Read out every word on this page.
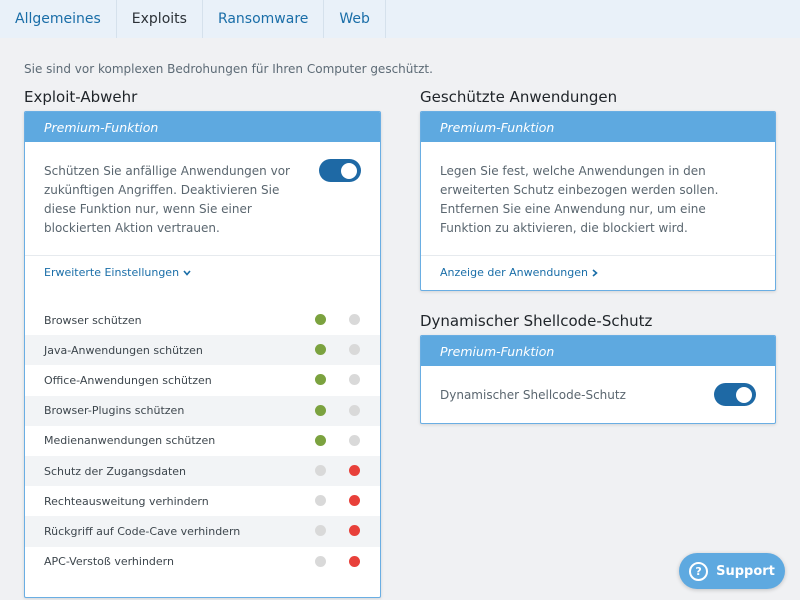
Allgemeines	Exploits	Ransomware	Web
Sie sind vor komplexen Bedrohungen für Ihren Computer geschützt.
Exploit-Abwehr
Premium-Funktion
Schützen Sie anfällige Anwendungen vor zukünftigen Angriffen. Deaktivieren Sie diese Funktion nur, wenn Sie einer blockierten Aktion vertrauen.
Erweiterte Einstellungen
Browser schützen
Java-Anwendungen schützen
Office-Anwendungen schützen
Browser-Plugins schützen
Medienanwendungen schützen
Schutz der Zugangsdaten
Rechteausweitung verhindern
Rückgriff auf Code-Cave verhindern
APC-Verstoß verhindern
Geschützte Anwendungen
Premium-Funktion
Legen Sie fest, welche Anwendungen in den erweiterten Schutz einbezogen werden sollen. Entfernen Sie eine Anwendung nur, um eine Funktion zu aktivieren, die blockiert wird.
Anzeige der Anwendungen
Dynamischer Shellcode-Schutz
Premium-Funktion
Dynamischer Shellcode-Schutz
?	Support
